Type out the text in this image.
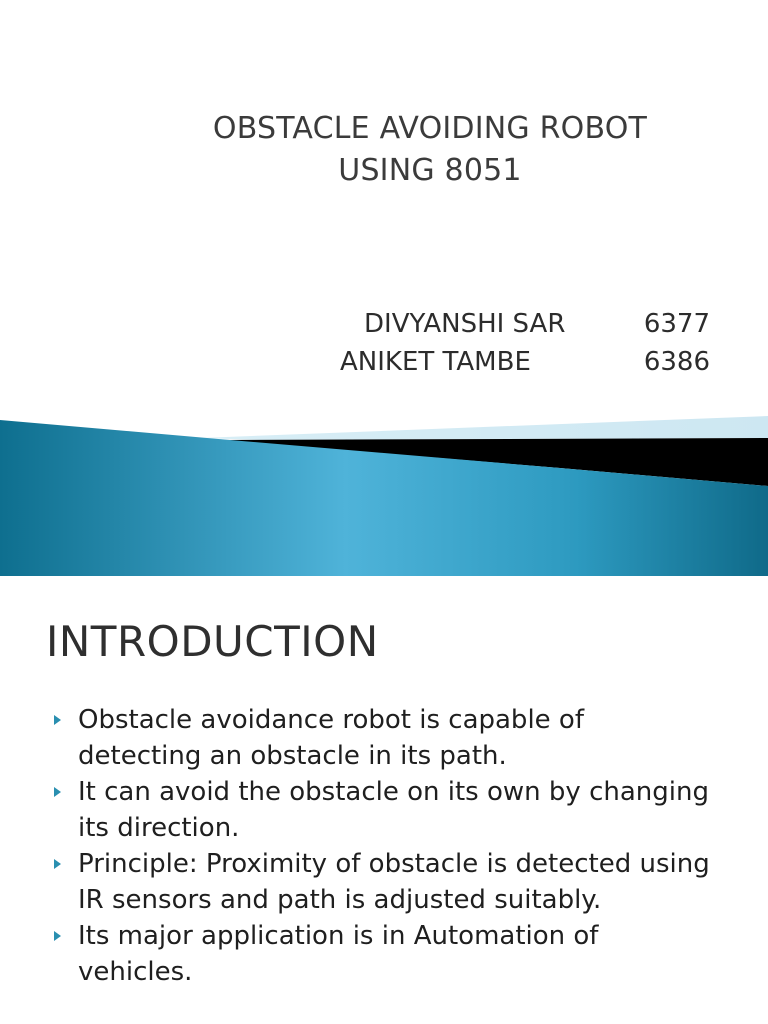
OBSTACLE AVOIDING ROBOT
USING 8051
DIVYANSHI SAR	6377
ANIKET TAMBE	6386
INTRODUCTION
Obstacle avoidance robot is capable of detecting an obstacle in its path.
It can avoid the obstacle on its own by changing its direction.
Principle: Proximity of obstacle is detected using IR sensors and path is adjusted suitably.
Its major application is in Automation of vehicles.
